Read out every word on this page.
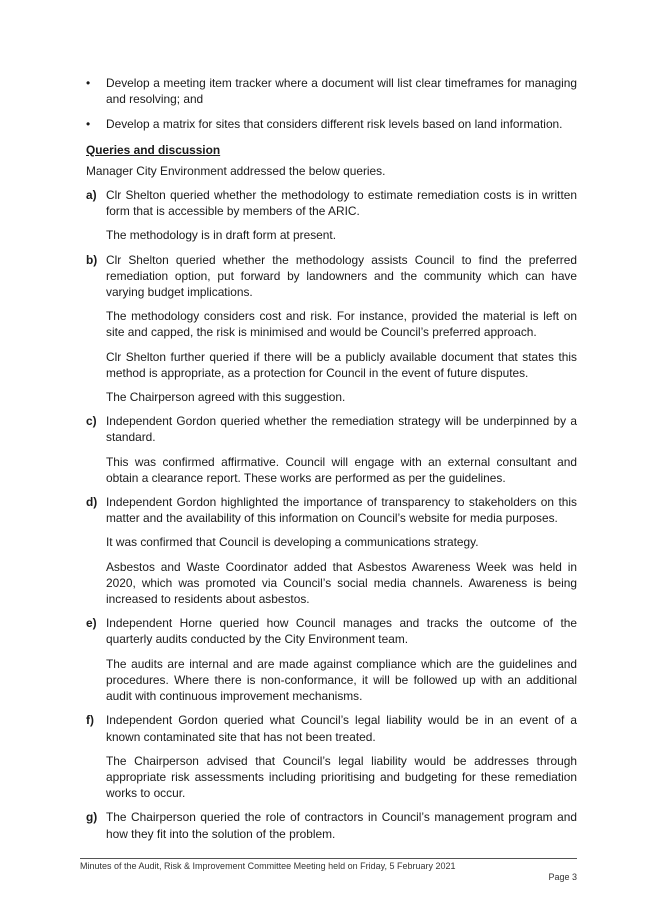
• Develop a meeting item tracker where a document will list clear timeframes for managing and resolving; and
• Develop a matrix for sites that considers different risk levels based on land information.
Queries and discussion
Manager City Environment addressed the below queries.
a) Clr Shelton queried whether the methodology to estimate remediation costs is in written form that is accessible by members of the ARIC.

The methodology is in draft form at present.

b) Clr Shelton queried whether the methodology assists Council to find the preferred remediation option, put forward by landowners and the community which can have varying budget implications.

The methodology considers cost and risk. For instance, provided the material is left on site and capped, the risk is minimised and would be Council’s preferred approach.

Clr Shelton further queried if there will be a publicly available document that states this method is appropriate, as a protection for Council in the event of future disputes.

The Chairperson agreed with this suggestion.

c) Independent Gordon queried whether the remediation strategy will be underpinned by a standard.

This was confirmed affirmative. Council will engage with an external consultant and obtain a clearance report. These works are performed as per the guidelines.

d) Independent Gordon highlighted the importance of transparency to stakeholders on this matter and the availability of this information on Council’s website for media purposes.

It was confirmed that Council is developing a communications strategy.

Asbestos and Waste Coordinator added that Asbestos Awareness Week was held in 2020, which was promoted via Council’s social media channels. Awareness is being increased to residents about asbestos.

e) Independent Horne queried how Council manages and tracks the outcome of the quarterly audits conducted by the City Environment team.

The audits are internal and are made against compliance which are the guidelines and procedures. Where there is non-conformance, it will be followed up with an additional audit with continuous improvement mechanisms.

f) Independent Gordon queried what Council’s legal liability would be in an event of a known contaminated site that has not been treated.

The Chairperson advised that Council’s legal liability would be addresses through appropriate risk assessments including prioritising and budgeting for these remediation works to occur.

g) The Chairperson queried the role of contractors in Council’s management program and how they fit into the solution of the problem.

Minutes of the Audit, Risk & Improvement Committee Meeting held on Friday, 5 February 2021
Page 3
